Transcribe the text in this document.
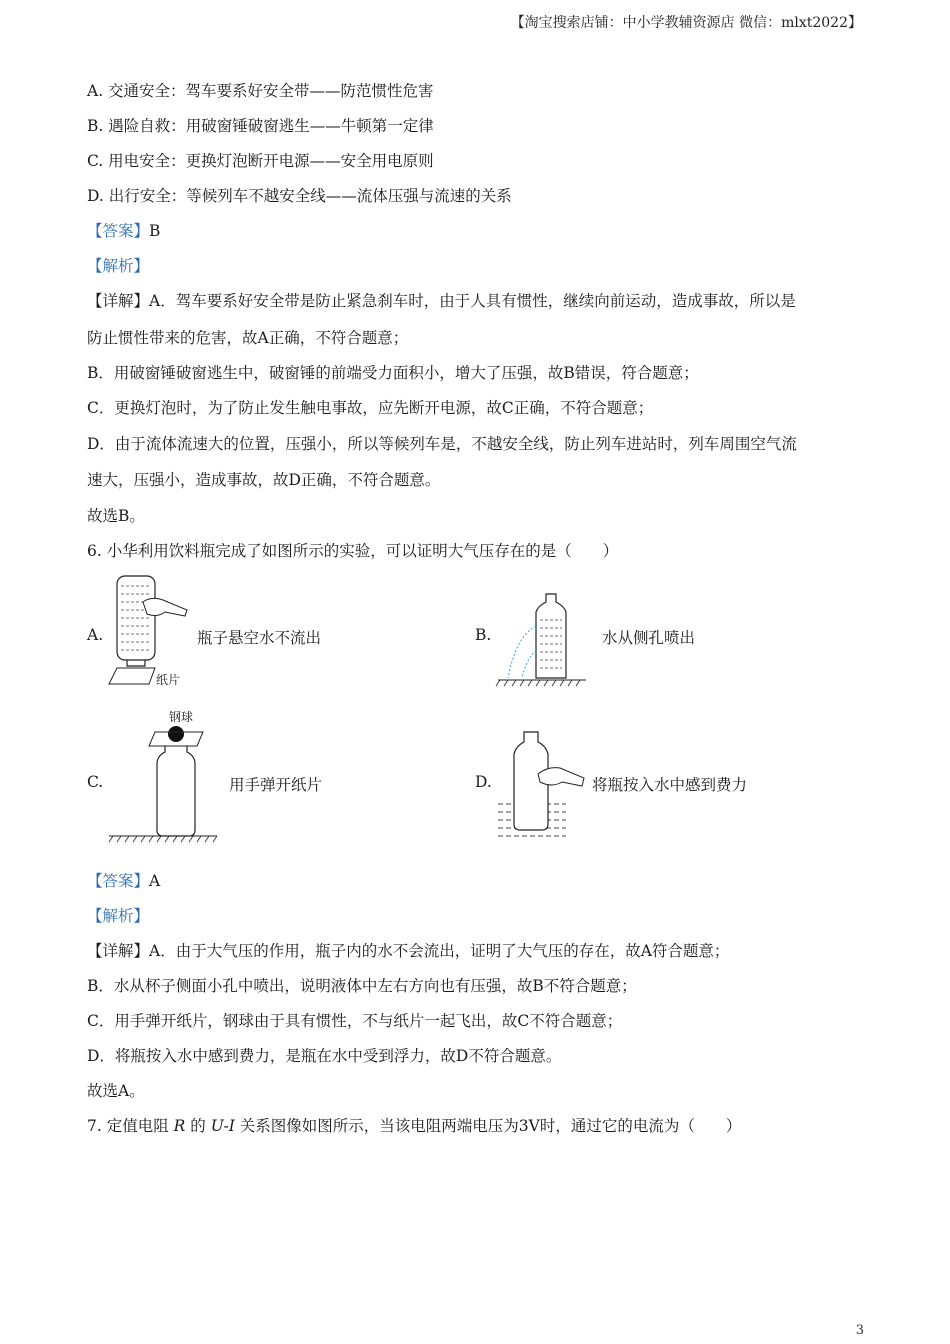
【淘宝搜索店铺：中小学教辅资源店 微信：mlxt2022】
A. 交通安全：驾车要系好安全带——防范惯性危害
B. 遇险自救：用破窗锤破窗逃生——牛顿第一定律
C. 用电安全：更换灯泡断开电源——安全用电原则
D. 出行安全：等候列车不越安全线——流体压强与流速的关系
【答案】B
【解析】
【详解】A．驾车要系好安全带是防止紧急刹车时，由于人具有惯性，继续向前运动，造成事故，所以是
防止惯性带来的危害，故A正确，不符合题意；
B．用破窗锤破窗逃生中，破窗锤的前端受力面积小，增大了压强，故B错误，符合题意；
C．更换灯泡时，为了防止发生触电事故，应先断开电源，故C正确，不符合题意；
D．由于流体流速大的位置，压强小，所以等候列车是，不越安全线，防止列车进站时，列车周围空气流
速大，压强小，造成事故，故D正确，不符合题意。
故选B。
6. 小华利用饮料瓶完成了如图所示的实验，可以证明大气压存在的是（　　）
A.
纸片
瓶子悬空水不流出	B.	水从侧孔喷出
C.
钢球
用手弹开纸片	D.	将瓶按入水中感到费力
【答案】A
【解析】
【详解】A．由于大气压的作用，瓶子内的水不会流出，证明了大气压的存在，故A符合题意；
B．水从杯子侧面小孔中喷出，说明液体中左右方向也有压强，故B不符合题意；
C．用手弹开纸片，钢球由于具有惯性，不与纸片一起飞出，故C不符合题意；
D．将瓶按入水中感到费力，是瓶在水中受到浮力，故D不符合题意。
故选A。
7. 定值电阻 R 的 U-I 关系图像如图所示，当该电阻两端电压为3V时，通过它的电流为（　　）
3
